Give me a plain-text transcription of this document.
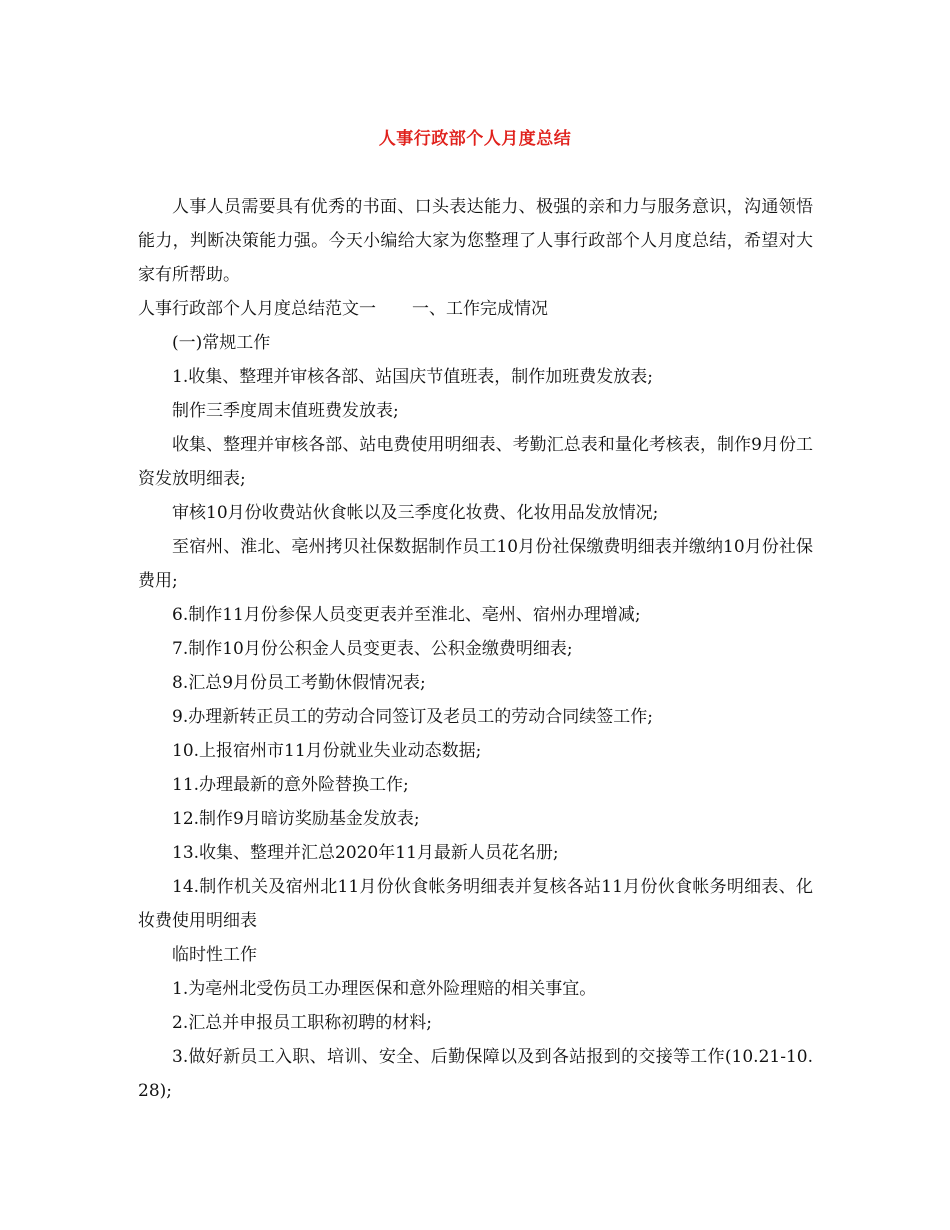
人事行政部个人月度总结

人事人员需要具有优秀的书面、口头表达能力、极强的亲和力与服务意识，沟通领悟能力，判断决策能力强。今天小编给大家为您整理了人事行政部个人月度总结，希望对大家有所帮助。

人事行政部个人月度总结范文一 一、工作完成情况

(一)常规工作

1.收集、整理并审核各部、站国庆节值班表，制作加班费发放表;

制作三季度周末值班费发放表;

收集、整理并审核各部、站电费使用明细表、考勤汇总表和量化考核表，制作9月份工资发放明细表;

审核10月份收费站伙食帐以及三季度化妆费、化妆用品发放情况;

至宿州、淮北、亳州拷贝社保数据制作员工10月份社保缴费明细表并缴纳10月份社保费用;

6.制作11月份参保人员变更表并至淮北、亳州、宿州办理增减;

7.制作10月份公积金人员变更表、公积金缴费明细表;

8.汇总9月份员工考勤休假情况表;

9.办理新转正员工的劳动合同签订及老员工的劳动合同续签工作;

10.上报宿州市11月份就业失业动态数据;

11.办理最新的意外险替换工作;

12.制作9月暗访奖励基金发放表;

13.收集、整理并汇总2020年11月最新人员花名册;

14.制作机关及宿州北11月份伙食帐务明细表并复核各站11月份伙食帐务明细表、化妆费使用明细表

临时性工作

1.为亳州北受伤员工办理医保和意外险理赔的相关事宜。

2.汇总并申报员工职称初聘的材料;

3.做好新员工入职、培训、安全、后勤保障以及到各站报到的交接等工作(10.21-10.28);
